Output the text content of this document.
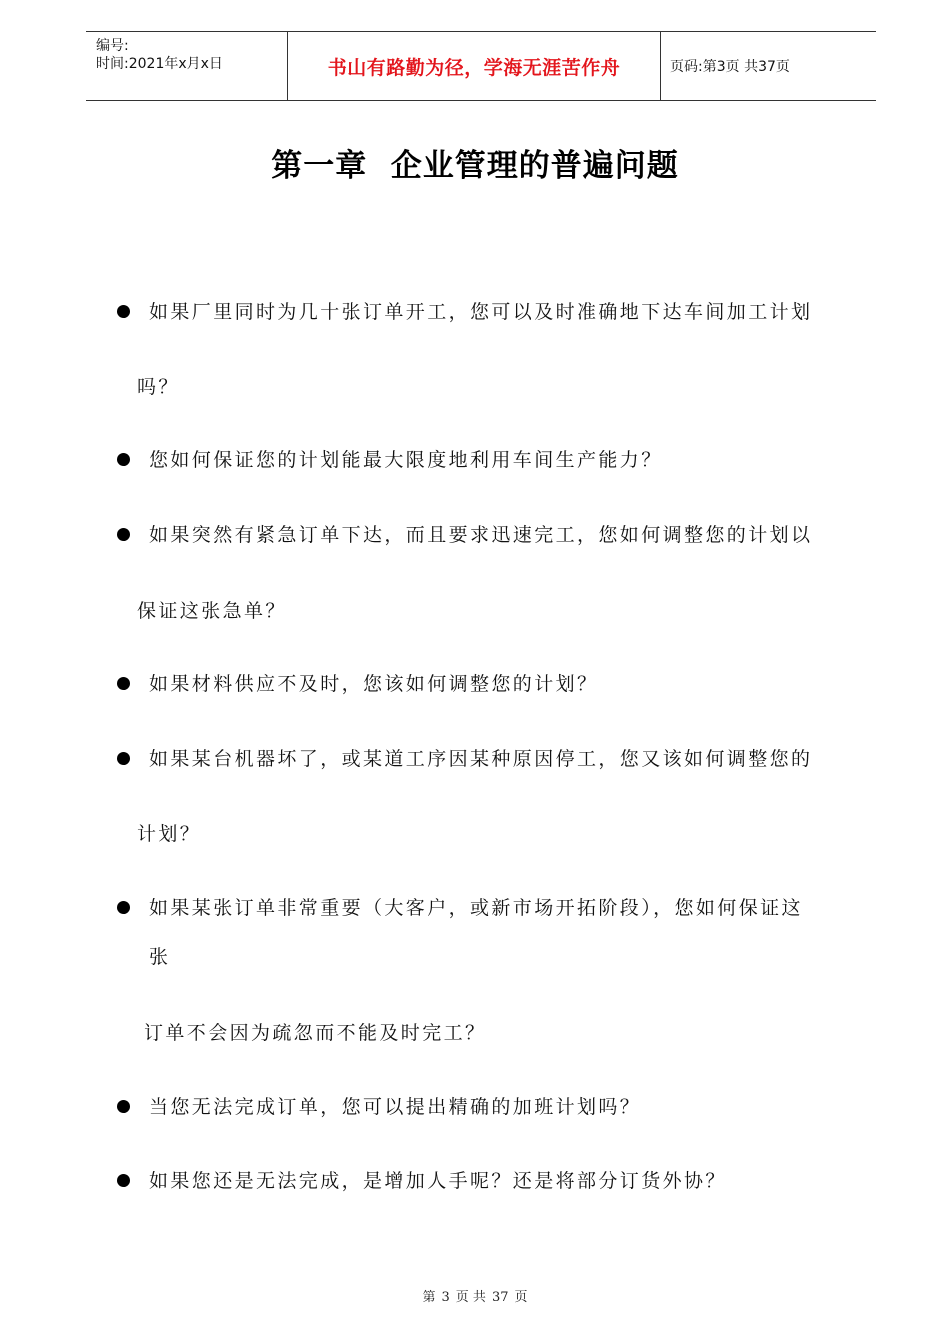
编号:
时间:2021年x月x日	书山有路勤为径，学海无涯苦作舟	页码:第3页 共37页
第一章  企业管理的普遍问题
如果厂里同时为几十张订单开工，您可以及时准确地下达车间加工计划
吗？
您如何保证您的计划能最大限度地利用车间生产能力？
如果突然有紧急订单下达，而且要求迅速完工，您如何调整您的计划以
保证这张急单？
如果材料供应不及时，您该如何调整您的计划？
如果某台机器坏了，或某道工序因某种原因停工，您又该如何调整您的
计划？
如果某张订单非常重要（大客户，或新市场开拓阶段），您如何保证这
张
订单不会因为疏忽而不能及时完工？
当您无法完成订单，您可以提出精确的加班计划吗？
如果您还是无法完成，是增加人手呢？还是将部分订货外协？
第 3 页 共 37 页
